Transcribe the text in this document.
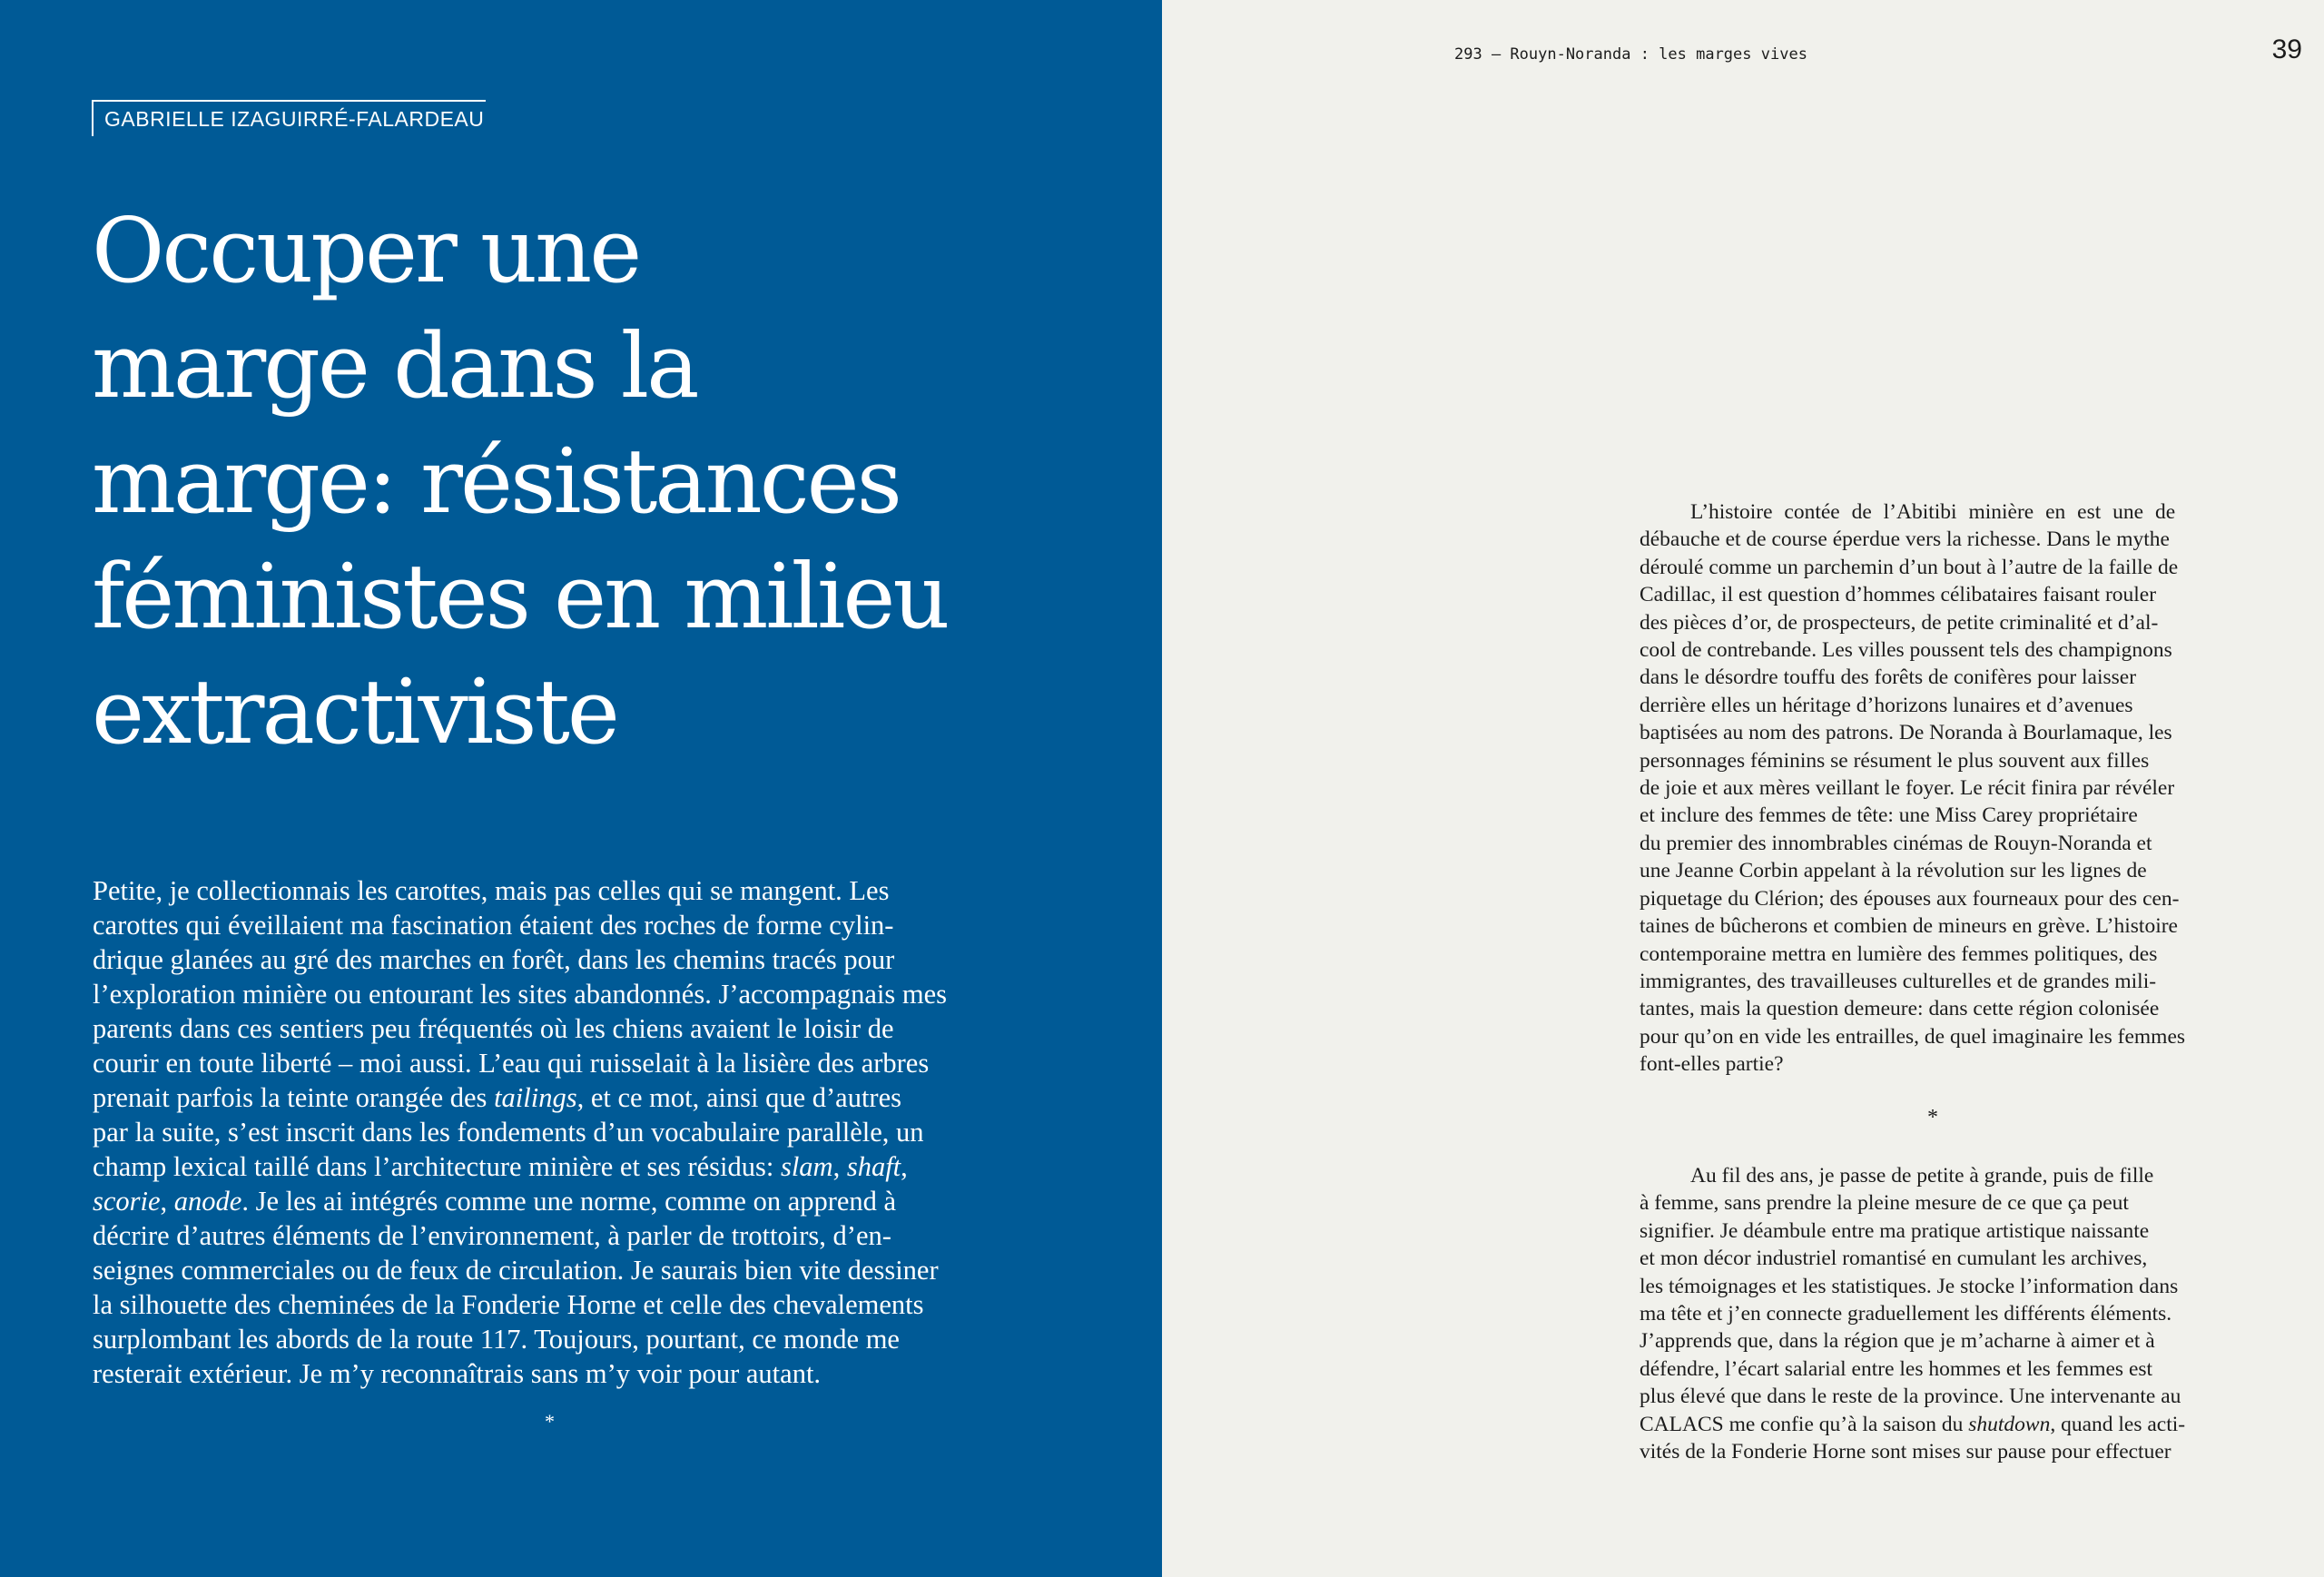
GABRIELLE IZAGUIRRÉ-FALARDEAU
Occuper une
marge dans la
marge: résistances
féministes en milieu
extractiviste

Petite, je collectionnais les carottes, mais pas celles qui se mangent. Les
carottes qui éveillaient ma fascination étaient des roches de forme cylin-
drique glanées au gré des marches en forêt, dans les chemins tracés pour
l’exploration minière ou entourant les sites abandonnés. J’accompagnais mes
parents dans ces sentiers peu fréquentés où les chiens avaient le loisir de
courir en toute liberté – moi aussi. L’eau qui ruisselait à la lisière des arbres
prenait parfois la teinte orangée des tailings, et ce mot, ainsi que d’autres
par la suite, s’est inscrit dans les fondements d’un vocabulaire parallèle, un
champ lexical taillé dans l’architecture minière et ses résidus: slam, shaft,
scorie, anode. Je les ai intégrés comme une norme, comme on apprend à
décrire d’autres éléments de l’environnement, à parler de trottoirs, d’en-
seignes commerciales ou de feux de circulation. Je saurais bien vite dessiner
la silhouette des cheminées de la Fonderie Horne et celle des chevalements
surplombant les abords de la route 117. Toujours, pourtant, ce monde me
resterait extérieur. Je m’y reconnaîtrais sans m’y voir pour autant.

*
293 — Rouyn-Noranda : les marges vives	39

L’histoire contée de l’Abitibi minière en est une de
débauche et de course éperdue vers la richesse. Dans le mythe
déroulé comme un parchemin d’un bout à l’autre de la faille de
Cadillac, il est question d’hommes célibataires faisant rouler
des pièces d’or, de prospecteurs, de petite criminalité et d’al-
cool de contrebande. Les villes poussent tels des champignons
dans le désordre touffu des forêts de conifères pour laisser
derrière elles un héritage d’horizons lunaires et d’avenues
baptisées au nom des patrons. De Noranda à Bourlamaque, les
personnages féminins se résument le plus souvent aux filles
de joie et aux mères veillant le foyer. Le récit finira par révéler
et inclure des femmes de tête: une Miss Carey propriétaire
du premier des innombrables cinémas de Rouyn-Noranda et
une Jeanne Corbin appelant à la révolution sur les lignes de
piquetage du Clérion; des épouses aux fourneaux pour des cen-
taines de bûcherons et combien de mineurs en grève. L’histoire
contemporaine mettra en lumière des femmes politiques, des
immigrantes, des travailleuses culturelles et de grandes mili-
tantes, mais la question demeure: dans cette région colonisée
pour qu’on en vide les entrailles, de quel imaginaire les femmes
font-elles partie?

*

Au fil des ans, je passe de petite à grande, puis de fille
à femme, sans prendre la pleine mesure de ce que ça peut
signifier. Je déambule entre ma pratique artistique naissante
et mon décor industriel romantisé en cumulant les archives,
les témoignages et les statistiques. Je stocke l’information dans
ma tête et j’en connecte graduellement les différents éléments.
J’apprends que, dans la région que je m’acharne à aimer et à
défendre, l’écart salarial entre les hommes et les femmes est
plus élevé que dans le reste de la province. Une intervenante au
CALACS me confie qu’à la saison du shutdown, quand les acti-
vités de la Fonderie Horne sont mises sur pause pour effectuer
